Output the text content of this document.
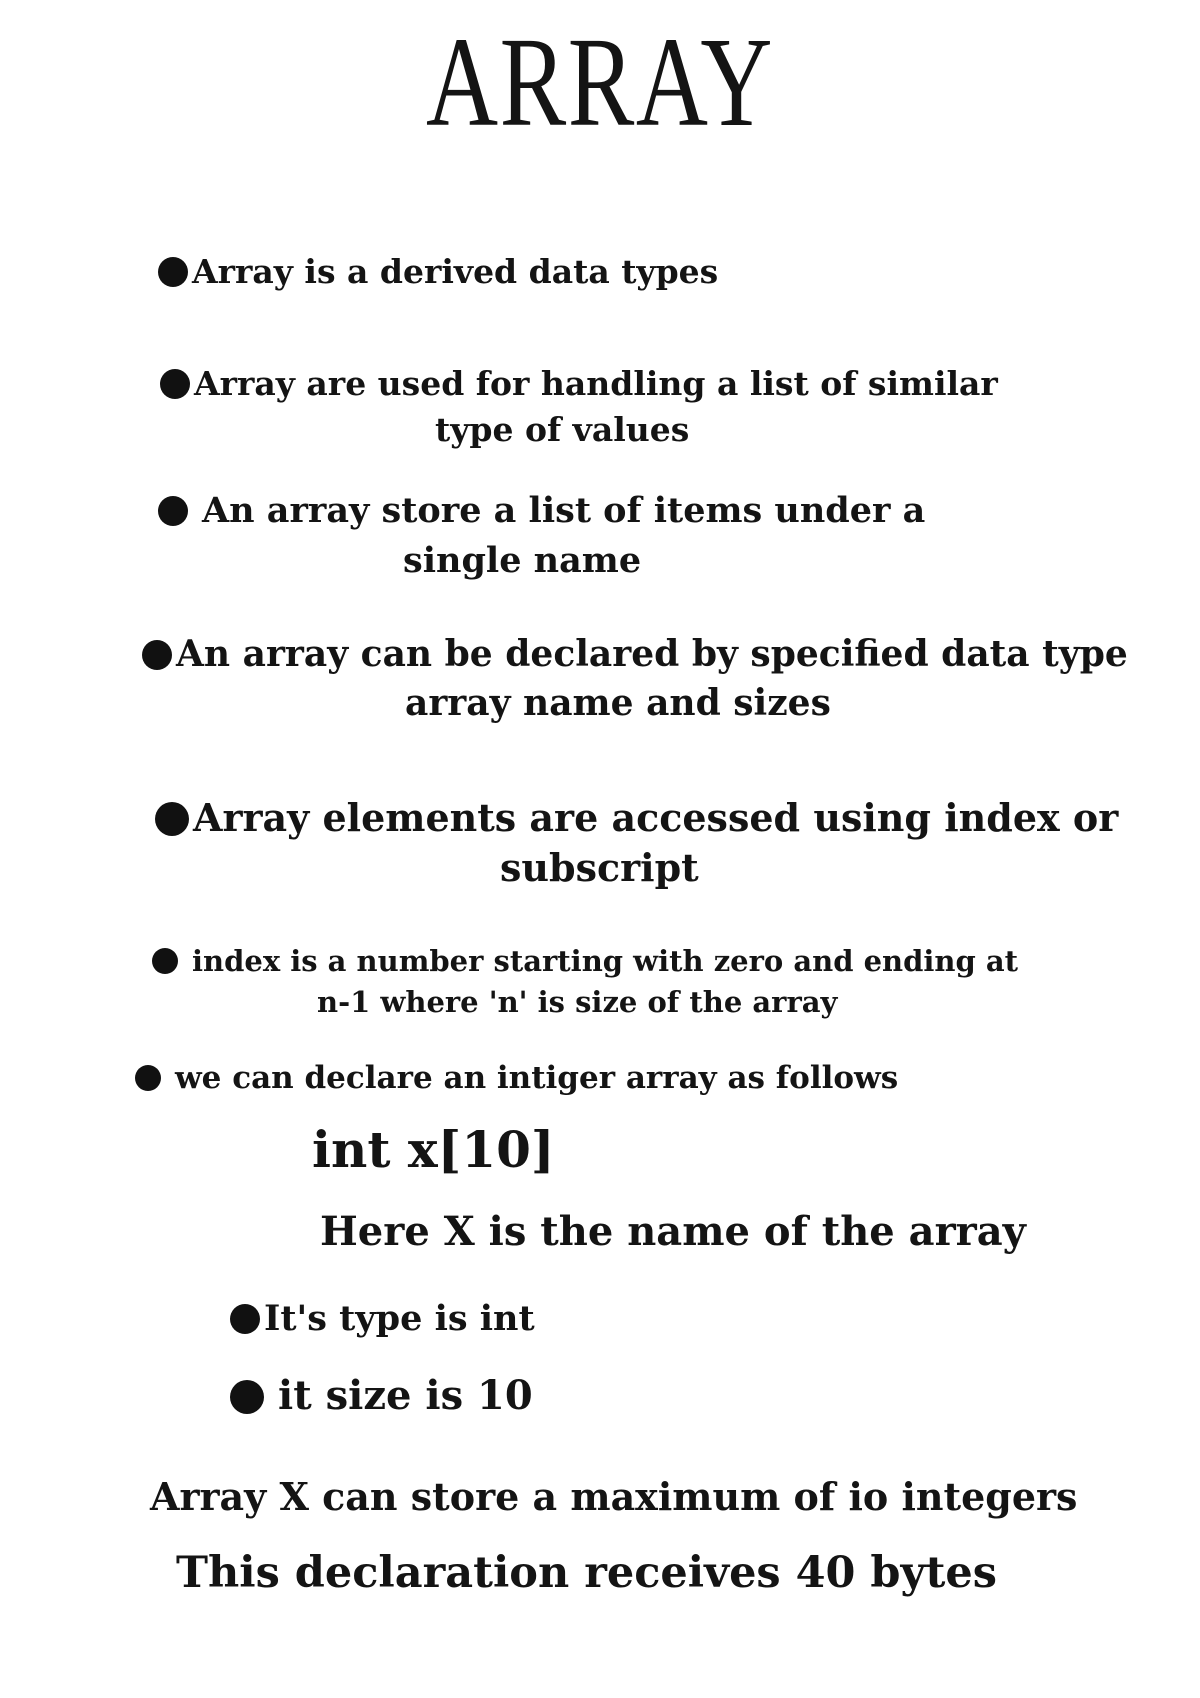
ARRAY
Array is a derived data types
Array are used for handling a list of similar
type of values
An array store a list of items under a
single name
An array can be declared by specified data type
array name and sizes
Array elements are accessed using index or
subscript
index is a number starting with zero and ending at
n-1 where 'n' is size of the array
we can declare an intiger array as follows
int x[10]
Here X is the name of the array
It's type is int
it size is 10
Array X can store a maximum of io integers
This declaration receives 40 bytes
